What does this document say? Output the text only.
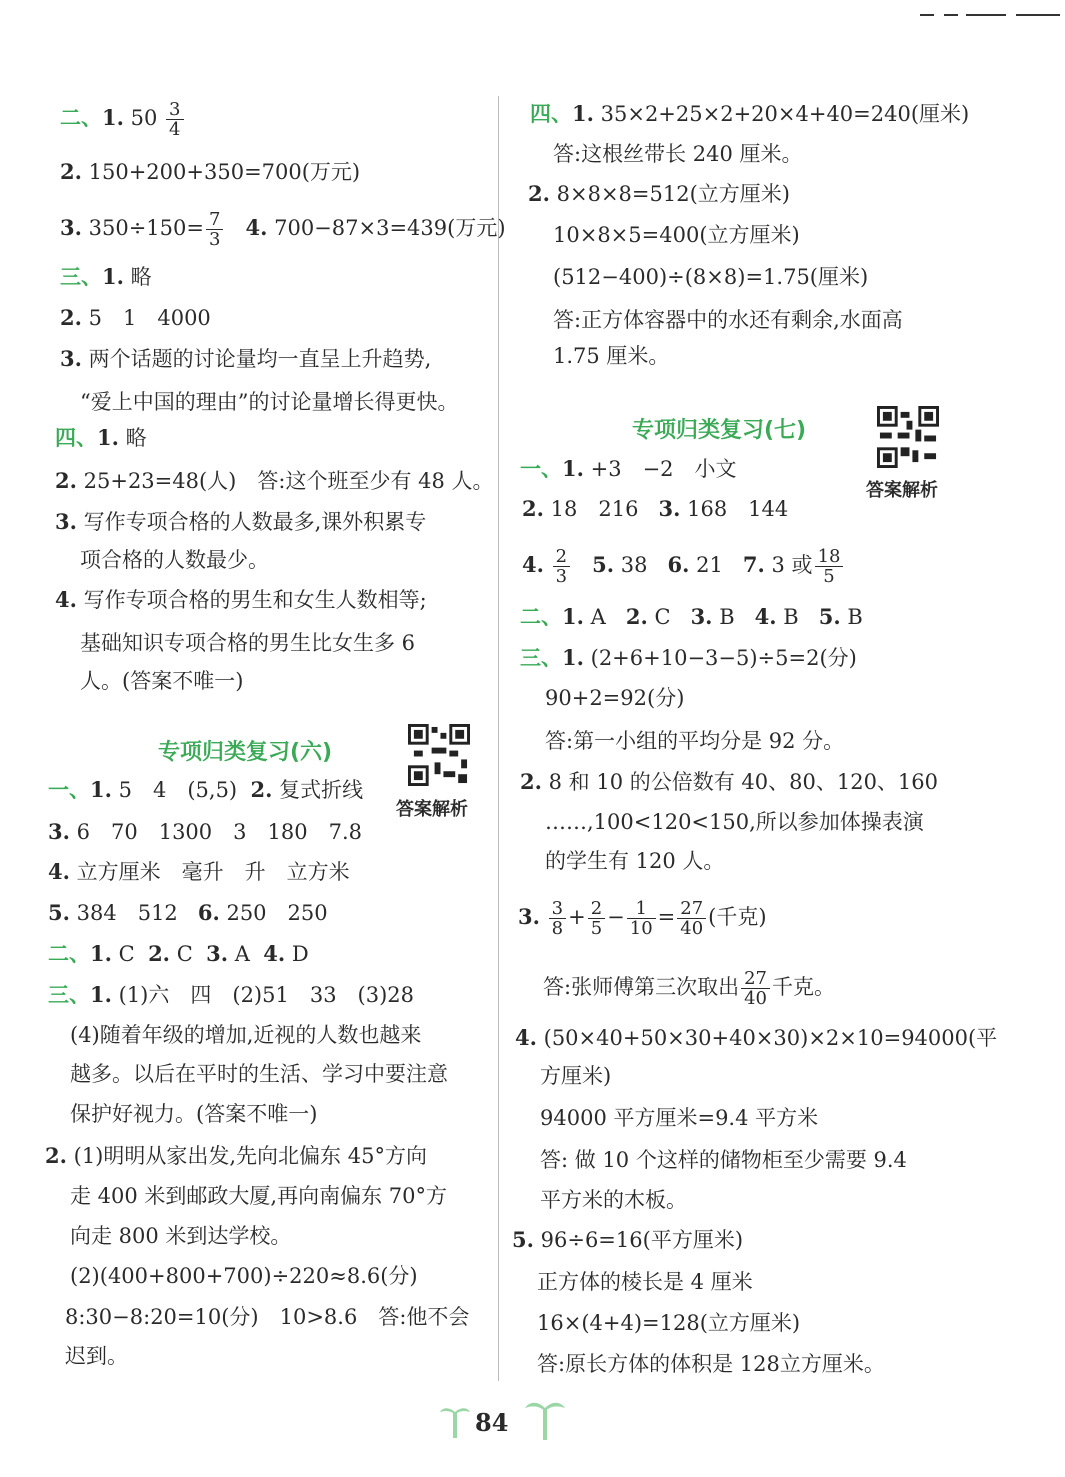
二、1. $50 \frac{3}{4}$
2. 150+200+350=700(万元)
3. $350\div 150= \frac{7}{3} 4$. 700−87×3=439(万元)
三、1. 略
2. 5　1　4000
3. 两个话题的讨论量均一直呈上升趋势,
“爱上中国的理由”的讨论量增长得更快。
四、1. 略
2. 25+23=48(人)　答:这个班至少有 48 人。
3. 写作专项合格的人数最多,课外积累专
项合格的人数最少。
4. 写作专项合格的男生和女生人数相等;
基础知识专项合格的男生比女生多 6
人。(答案不唯一)
专项归类复习(六)
答案解析
一、1. 5　4　(5,5) 2. 复式折线
3. 6　70　1300　3　180　7.8
4. 立方厘米　毫升　升　立方米
5. 384　512 6. 250　250
二、1. C 2. C 3. A 4. D
三、1. (1)六　四　(2)51　33　(3)28
(4)随着年级的增加,近视的人数也越来
越多。以后在平时的生活、学习中要注意
保护好视力。(答案不唯一)
2. (1)明明从家出发,先向北偏东 45°方向
走 400 米到邮政大厦,再向南偏东 70°方
向走 800 米到达学校。
(2)(400+800+700)÷220≈8.6(分)
8:30−8:20=10(分)　10>8.6　答:他不会
迟到。
四、1. 35×2+25×2+20×4+40=240(厘米)
答:这根丝带长 240 厘米。
2. 8×8×8=512(立方厘米)
10×8×5=400(立方厘米)
(512−400)÷(8×8)=1.75(厘米)
答:正方体容器中的水还有剩余,水面高
1.75 厘米。
专项归类复习(七)
答案解析
一、1. +3　−2　小文
2. 18　216 3. 168　144
4. $\frac{2}{3} 5$. 38 6. 21 7. 3 或 $\frac{18}{5}$
二、1. A 2. C 3. B 4. B 5. B
三、1. (2+6+10−3−5)÷5=2(分)
90+2=92(分)
答:第一小组的平均分是 92 分。
2. 8 和 10 的公倍数有 40、80、120、160
……,100<120<150,所以参加体操表演
的学生有 120 人。
3. $\frac{3}{8} + \frac{2}{5} - \frac{1}{10} = \frac{27}{40}$ (千克)
答:张师傅第三次取出 $\frac{27}{40}$ 千克。
4. (50×40+50×30+40×30)×2×10=94000(平
方厘米)
94000 平方厘米=9.4 平方米
答: 做 10 个这样的储物柜至少需要 9.4
平方米的木板。
5. 96÷6=16(平方厘米)
正方体的棱长是 4 厘米
16×(4+4)=128(立方厘米)
答:原长方体的体积是 128立方厘米。
84
